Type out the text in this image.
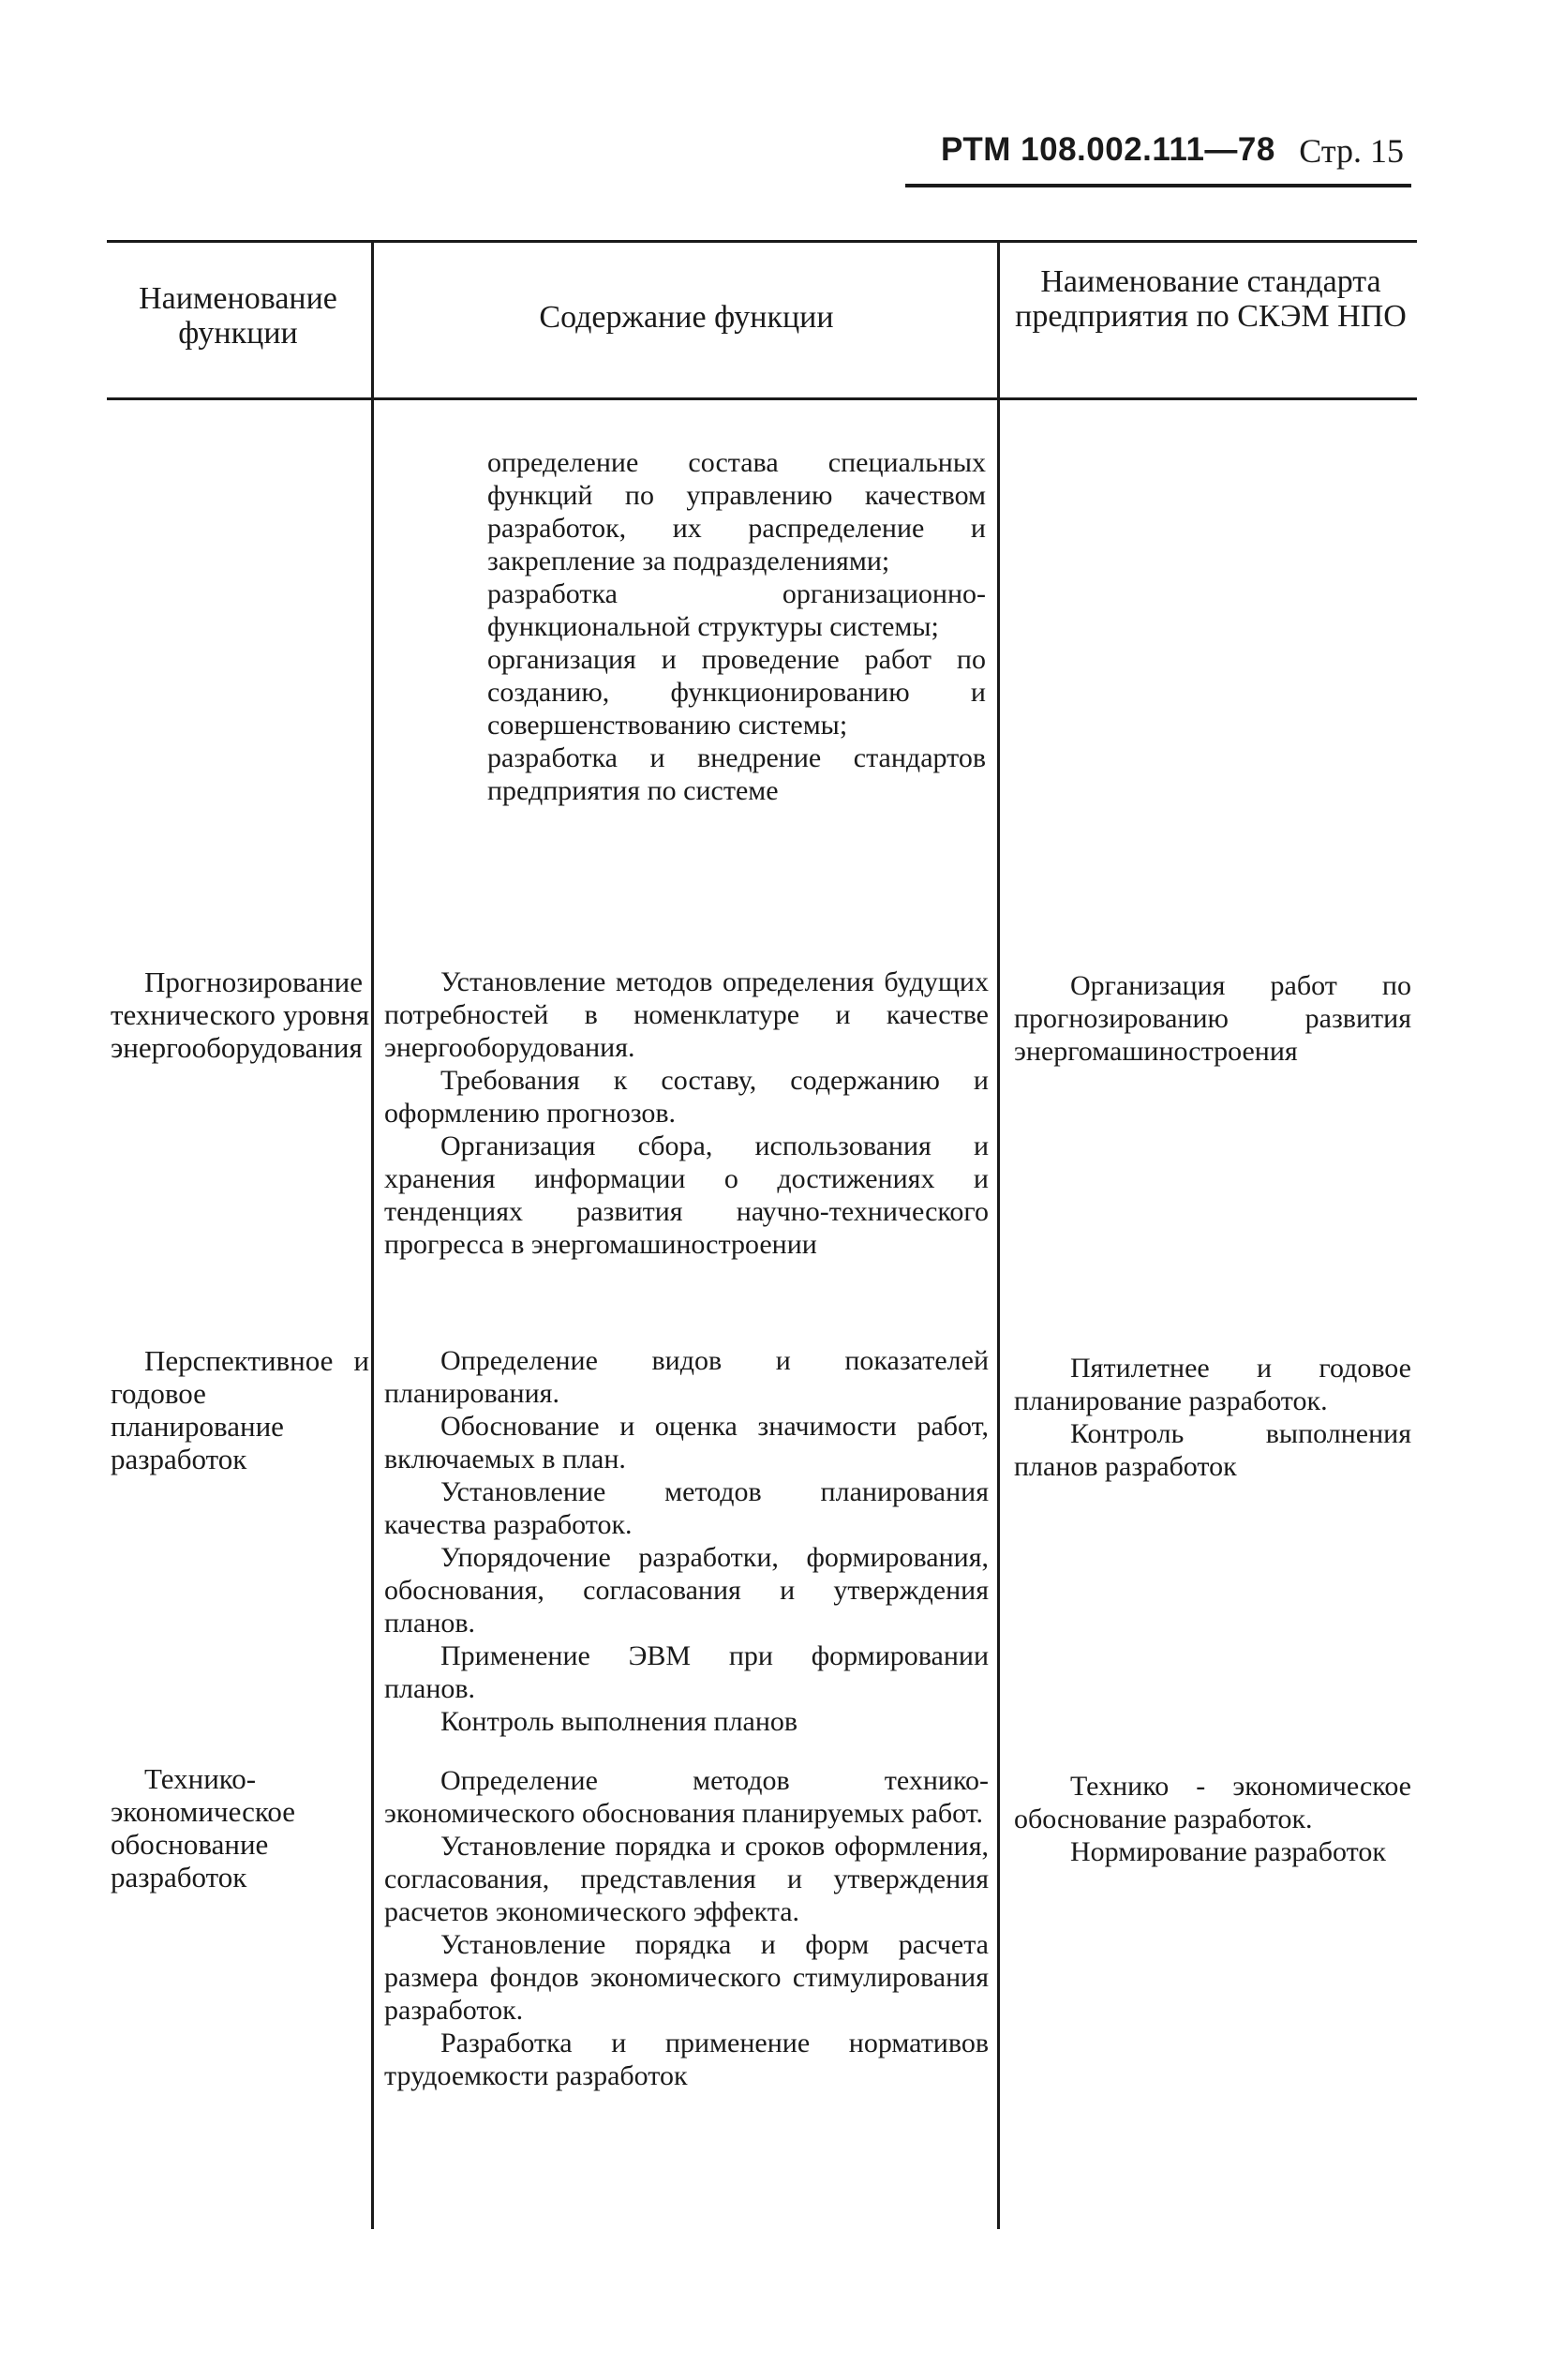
РТМ 108.002.111—78 Стр. 15
Наименование функции	Содержание функции
Наименование стандарта предприятия по СКЭМ НПО

определение состава специальных функций по управлению качеством разработок, их распределение и закрепление за подразделениями;

разработка организационно-функциональной структуры системы;

организация и проведение работ по созданию, функционированию и совершенствованию системы;

разработка и внедрение стандартов предприятия по системе

Прогнозирование технического уровня энергооборудования

Установление методов определения будущих потребностей в номенклатуре и качестве энергооборудования.

Требования к составу, содержанию и оформлению прогнозов.

Организация сбора, использования и хранения информации о достижениях и тенденциях развития научно-технического прогресса в энергомашиностроении

Организация работ по прогнозированию развития энергомашиностроения

Перспективное и годовое планирование разработок

Определение видов и показателей планирования.

Обоснование и оценка значимости работ, включаемых в план.

Установление методов планирования качества разработок.

Упорядочение разработки, формирования, обоснования, согласования и утверждения планов.

Применение ЭВМ при формировании планов.

Контроль выполнения планов

Пятилетнее и годовое планирование разработок.

Контроль выполнения планов разработок

Технико-экономическое обоснование разработок

Определение методов технико-экономического обоснования планируемых работ.

Установление порядка и сроков оформления, согласования, представления и утверждения расчетов экономического эффекта.

Установление порядка и форм расчета размера фондов экономического стимулирования разработок.

Разработка и применение нормативов трудоемкости разработок

Технико - экономическое обоснование разработок.

Нормирование разработок
